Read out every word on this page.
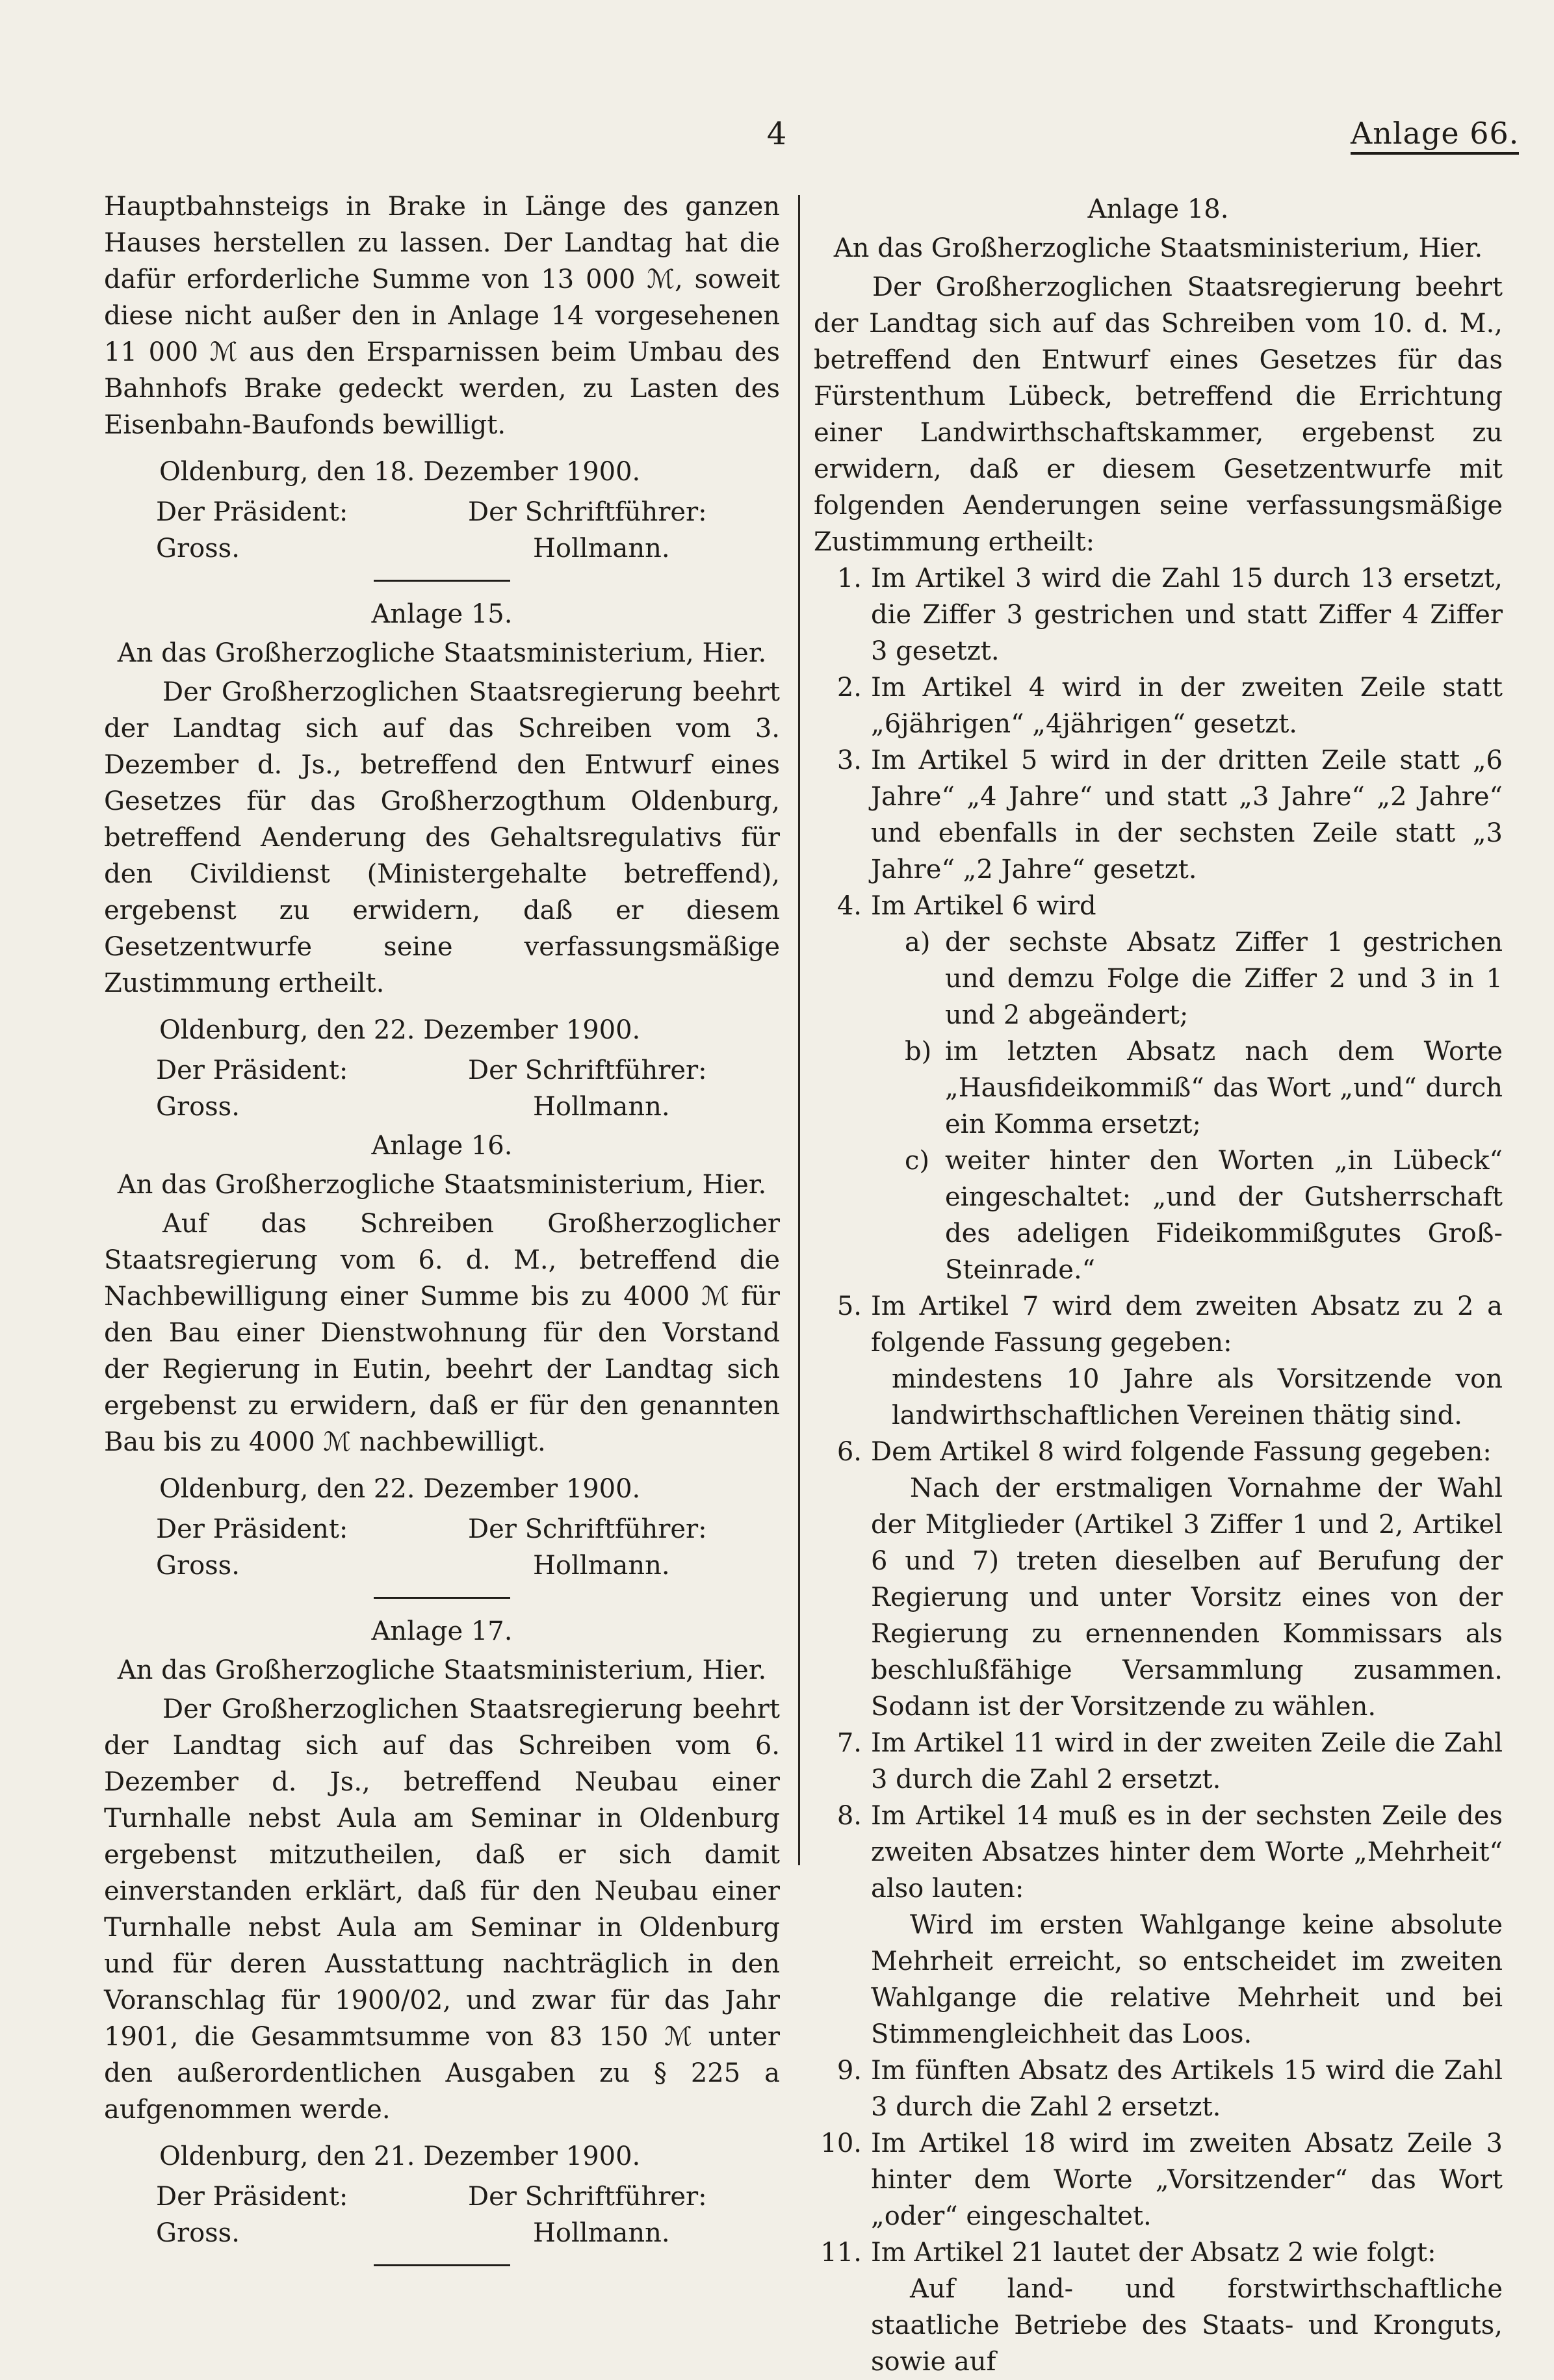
4	Anlage 66.

Hauptbahnsteigs in Brake in Länge des ganzen Hauses herstellen zu lassen. Der Landtag hat die dafür erforderliche Summe von 13 000 ℳ, soweit diese nicht außer den in Anlage 14 vorgesehenen 11 000 ℳ aus den Ersparnissen beim Umbau des Bahnhofs Brake gedeckt werden, zu Lasten des Eisenbahn-Baufonds bewilligt.

Oldenburg, den 18. Dezember 1900.

Der Präsident:	Der Schriftführer:
Gross.	Hollmann.

Anlage 15.

An das Großherzogliche Staatsministerium, Hier.

Der Großherzoglichen Staatsregierung beehrt der Landtag sich auf das Schreiben vom 3. Dezember d. Js., betreffend den Entwurf eines Gesetzes für das Großherzogthum Oldenburg, betreffend Aenderung des Gehaltsregulativs für den Civildienst (Ministergehalte betreffend), ergebenst zu erwidern, daß er diesem Gesetzentwurfe seine verfassungsmäßige Zustimmung ertheilt.

Oldenburg, den 22. Dezember 1900.

Der Präsident:	Der Schriftführer:
Gross.	Hollmann.

Anlage 16.

An das Großherzogliche Staatsministerium, Hier.

Auf das Schreiben Großherzoglicher Staatsregierung vom 6. d. M., betreffend die Nachbewilligung einer Summe bis zu 4000 ℳ für den Bau einer Dienstwohnung für den Vorstand der Regierung in Eutin, beehrt der Landtag sich ergebenst zu erwidern, daß er für den genannten Bau bis zu 4000 ℳ nachbewilligt.

Oldenburg, den 22. Dezember 1900.

Der Präsident:	Der Schriftführer:
Gross.	Hollmann.

Anlage 17.

An das Großherzogliche Staatsministerium, Hier.

Der Großherzoglichen Staatsregierung beehrt der Landtag sich auf das Schreiben vom 6. Dezember d. Js., betreffend Neubau einer Turnhalle nebst Aula am Seminar in Oldenburg ergebenst mitzutheilen, daß er sich damit einverstanden erklärt, daß für den Neubau einer Turnhalle nebst Aula am Seminar in Oldenburg und für deren Ausstattung nachträglich in den Voranschlag für 1900/02, und zwar für das Jahr 1901, die Gesammtsumme von 83 150 ℳ unter den außerordentlichen Ausgaben zu § 225 a aufgenommen werde.

Oldenburg, den 21. Dezember 1900.

Der Präsident:	Der Schriftführer:
Gross.	Hollmann.

Anlage 18.

An das Großherzogliche Staatsministerium, Hier.

Der Großherzoglichen Staatsregierung beehrt der Landtag sich auf das Schreiben vom 10. d. M., betreffend den Entwurf eines Gesetzes für das Fürstenthum Lübeck, betreffend die Errichtung einer Landwirthschaftskammer, ergebenst zu erwidern, daß er diesem Gesetzentwurfe mit folgenden Aenderungen seine verfassungsmäßige Zustimmung ertheilt:

1. Im Artikel 3 wird die Zahl 15 durch 13 ersetzt, die Ziffer 3 gestrichen und statt Ziffer 4 Ziffer 3 gesetzt.

2. Im Artikel 4 wird in der zweiten Zeile statt „6jährigen“ „4jährigen“ gesetzt.

3. Im Artikel 5 wird in der dritten Zeile statt „6 Jahre“ „4 Jahre“ und statt „3 Jahre“ „2 Jahre“ und ebenfalls in der sechsten Zeile statt „3 Jahre“ „2 Jahre“ gesetzt.

4. Im Artikel 6 wird

a) der sechste Absatz Ziffer 1 gestrichen und demzu Folge die Ziffer 2 und 3 in 1 und 2 abgeändert;

b) im letzten Absatz nach dem Worte „Hausfideikommiß“ das Wort „und“ durch ein Komma ersetzt;

c) weiter hinter den Worten „in Lübeck“ eingeschaltet: „und der Gutsherrschaft des adeligen Fideikommißgutes Groß-Steinrade.“

5. Im Artikel 7 wird dem zweiten Absatz zu 2 a folgende Fassung gegeben:

mindestens 10 Jahre als Vorsitzende von landwirthschaftlichen Vereinen thätig sind.

6. Dem Artikel 8 wird folgende Fassung gegeben:

Nach der erstmaligen Vornahme der Wahl der Mitglieder (Artikel 3 Ziffer 1 und 2, Artikel 6 und 7) treten dieselben auf Berufung der Regierung und unter Vorsitz eines von der Regierung zu ernennenden Kommissars als beschlußfähige Versammlung zusammen. Sodann ist der Vorsitzende zu wählen.

7. Im Artikel 11 wird in der zweiten Zeile die Zahl 3 durch die Zahl 2 ersetzt.

8. Im Artikel 14 muß es in der sechsten Zeile des zweiten Absatzes hinter dem Worte „Mehrheit“ also lauten:

Wird im ersten Wahlgange keine absolute Mehrheit erreicht, so entscheidet im zweiten Wahlgange die relative Mehrheit und bei Stimmengleichheit das Loos.

9. Im fünften Absatz des Artikels 15 wird die Zahl 3 durch die Zahl 2 ersetzt.

10. Im Artikel 18 wird im zweiten Absatz Zeile 3 hinter dem Worte „Vorsitzender“ das Wort „oder“ eingeschaltet.

11. Im Artikel 21 lautet der Absatz 2 wie folgt:

Auf land- und forstwirthschaftliche staatliche Betriebe des Staats- und Kronguts, sowie auf
